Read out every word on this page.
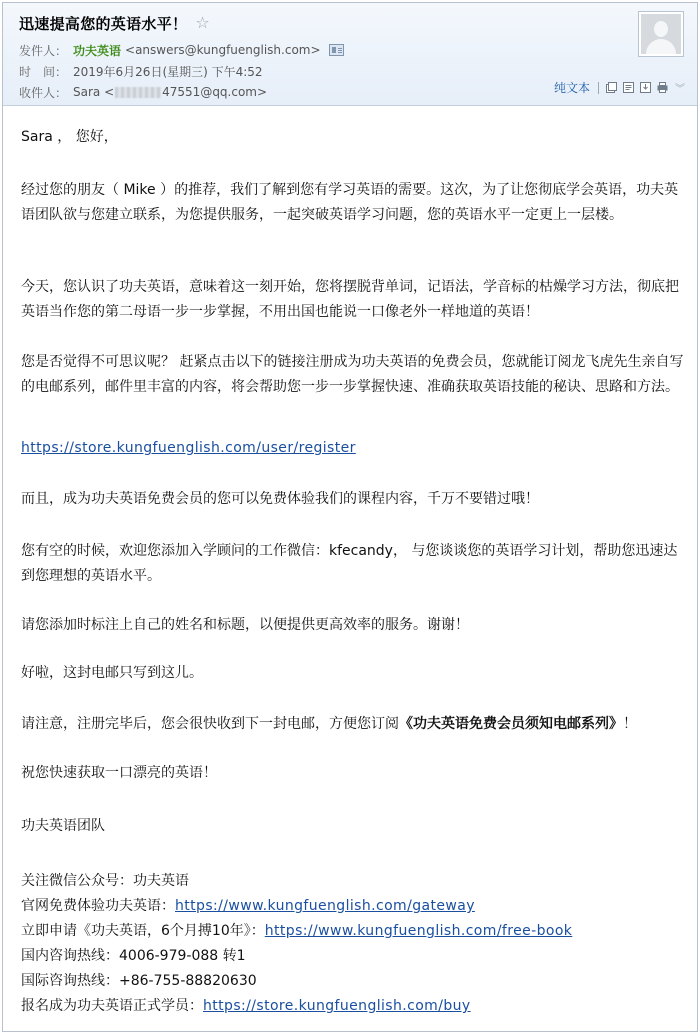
迅速提高您的英语水平！ ☆
发件人： 功夫英语 <answers@kungfuenglish.com>
时　间： 2019年6月26日(星期三) 下午4:52
收件人： Sara <	47551@qq.com>	纯文本	︾

Sara ， 您好，

经过您的朋友（ Mike ）的推荐，我们了解到您有学习英语的需要。这次，为了让您彻底学会英语，功夫英语团队欲与您建立联系，为您提供服务，一起突破英语学习问题，您的英语水平一定更上一层楼。

今天，您认识了功夫英语，意味着这一刻开始，您将摆脱背单词，记语法，学音标的枯燥学习方法，彻底把英语当作您的第二母语一步一步掌握，不用出国也能说一口像老外一样地道的英语！

您是否觉得不可思议呢？ 赶紧点击以下的链接注册成为功夫英语的免费会员，您就能订阅龙飞虎先生亲自写的电邮系列，邮件里丰富的内容，将会帮助您一步一步掌握快速、准确获取英语技能的秘诀、思路和方法。

https://store.kungfuenglish.com/user/register

而且，成为功夫英语免费会员的您可以免费体验我们的课程内容，千万不要错过哦！

您有空的时候，欢迎您添加入学顾问的工作微信：kfecandy， 与您谈谈您的英语学习计划，帮助您迅速达到您理想的英语水平。

请您添加时标注上自己的姓名和标题，以便提供更高效率的服务。谢谢！

好啦，这封电邮只写到这儿。

请注意，注册完毕后，您会很快收到下一封电邮，方便您订阅《功夫英语免费会员须知电邮系列》！

祝您快速获取一口漂亮的英语！

功夫英语团队

关注微信公众号：功夫英语

官网免费体验功夫英语：https://www.kungfuenglish.com/gateway

立即申请《功夫英语，6个月搏10年》：https://www.kungfuenglish.com/free-book

国内咨询热线：4006-979-088 转1

国际咨询热线：+86-755-88820630

报名成为功夫英语正式学员：https://store.kungfuenglish.com/buy
